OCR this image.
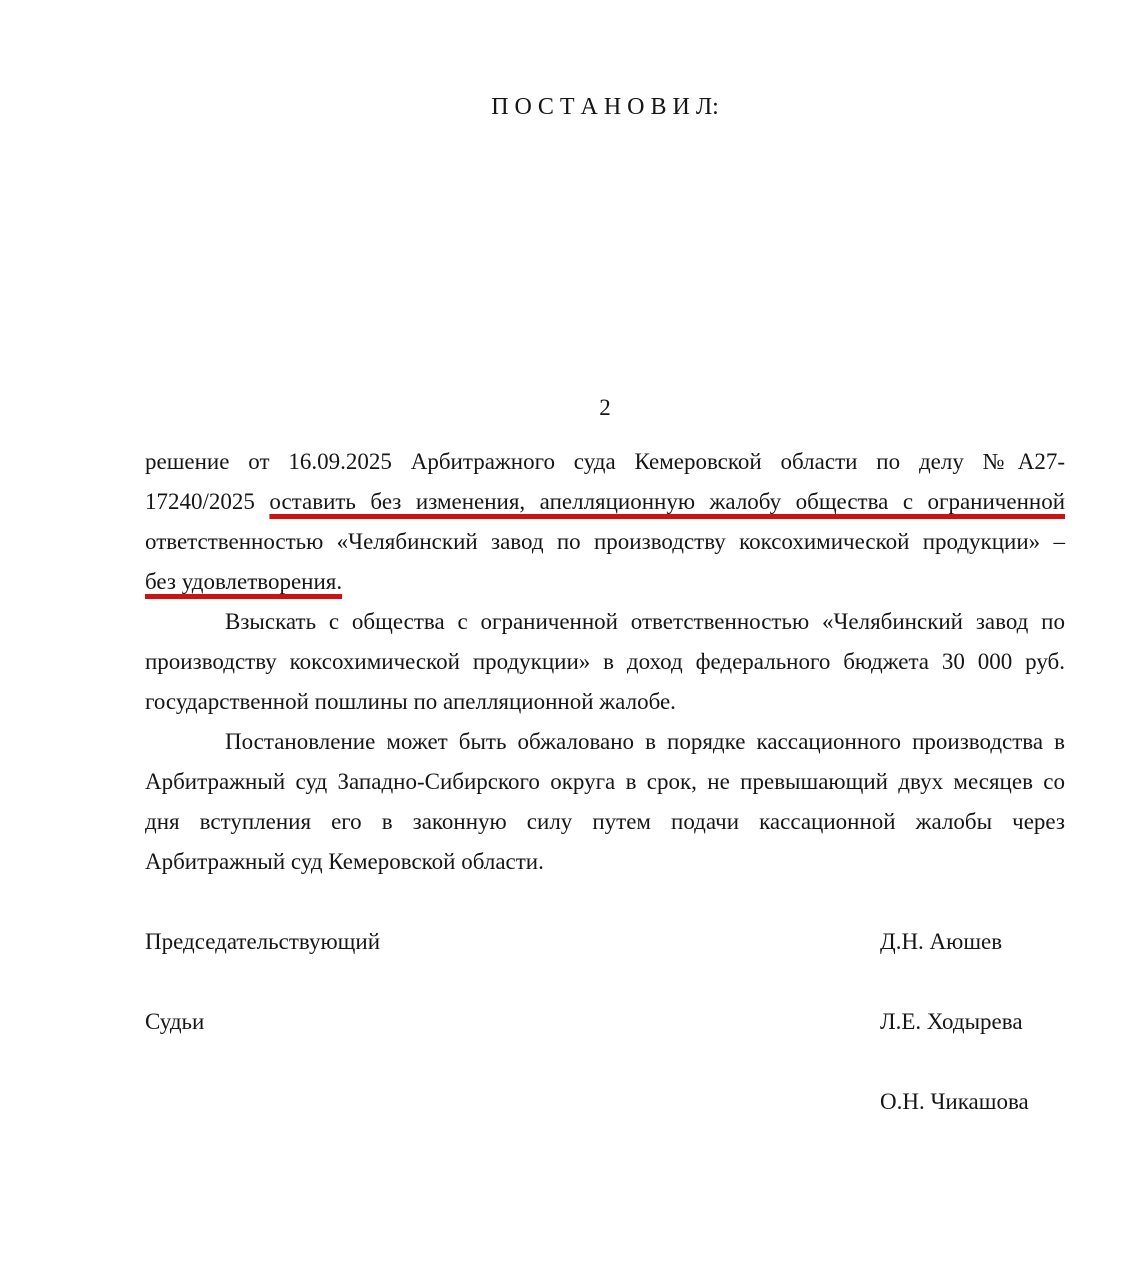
П О С Т А Н О В И Л:
2
решение от 16.09.2025 Арбитражного суда Кемеровской области по делу №А27-
17240/2025 оставить без изменения, апелляционную жалобу общества с ограниченной
ответственностью «Челябинский завод по производству коксохимической продукции» –
без удовлетворения.
Взыскать с общества с ограниченной ответственностью «Челябинский завод по
производству коксохимической продукции» в доход федерального бюджета 30 000 руб.
государственной пошлины по апелляционной жалобе.
Постановление может быть обжаловано в порядке кассационного производства в
Арбитражный суд Западно-Сибирского округа в срок, не превышающий двух месяцев со
дня вступления его в законную силу путем подачи кассационной жалобы через
Арбитражный суд Кемеровской области.
Председательствующий	Д.Н. Аюшев
Судьи	Л.Е. Ходырева
О.Н. Чикашова
